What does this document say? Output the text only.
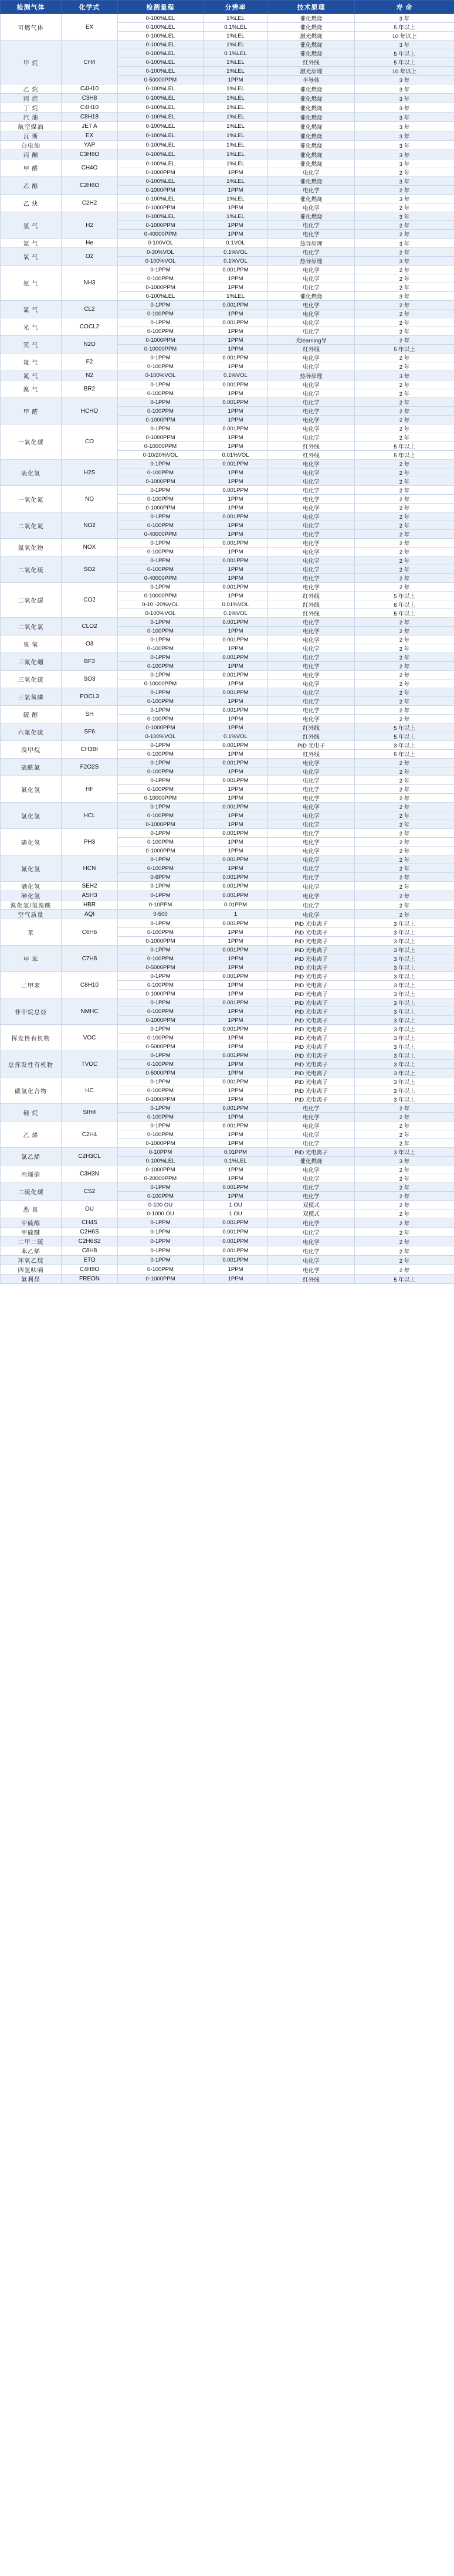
检测气体	化学式	检测量程	分辨率	技术原理	寿 命
可燃气体	EX	0-100%LEL	1%LEL	催化燃烧	3 年
		0-100%LEL	0.1%LEL	催化燃烧	5 年以上
		0-100%LEL	1%LEL	激光燃烧	10 年以上
甲 烷	CH4	0-100%LEL	1%LEL	催化燃烧	3 年
		0-100%LEL	0.1%LEL	催化燃烧	5 年以上
		0-100%LEL	1%LEL	红外线	5 年以上
		0-100%LEL	1%LEL	激光原理	10 年以上
		0-50000PPM	1PPM	半导体	3 年
乙 烷	C4H10	0-100%LEL	1%LEL	催化燃烧	3 年
丙 烷	C3H8	0-100%LEL	1%LEL	催化燃烧	3 年
丁 烷	C4H10	0-100%LEL	1%LEL	催化燃烧	3 年
汽 油	C8H18	0-100%LEL	1%LEL	催化燃烧	3 年
航空煤油	JET A	0-100%LEL	1%LEL	催化燃烧	3 年
瓦 斯	EX	0-100%LEL	1%LEL	催化燃烧	3 年
白电油	YAP	0-100%LEL	1%LEL	催化燃烧	3 年
丙 酮	C3H6O	0-100%LEL	1%LEL	催化燃烧	3 年
甲 醛	CH4O	0-100%LEL	1%LEL	催化燃烧	3 年
		0-1000PPM	1PPM	电化学	2 年
乙 醇	C2H6O	0-100%LEL	1%LEL	催化燃烧	3 年
		0-1000PPM	1PPM	电化学	2 年
乙 炔	C2H2	0-100%LEL	1%LEL	催化燃烧	3 年
		0-1000PPM	1PPM	电化学	2 年
氢 气	H2	0-100%LEL	1%LEL	催化燃烧	3 年
		0-1000PPM	1PPM	电化学	2 年
		0-40000PPM	1PPM	电化学	2 年
氦 气	He	0-100VOL	0.1VOL	热导原理	3 年
氧 气	O2	0-30%VOL	0.1%VOL	电化学	2 年
		0-100%VOL	0.1%VOL	热导原理	3 年
氨 气	NH3	0-1PPM	0.001PPM	电化学	2 年
		0-100PPM	1PPM	电化学	2 年
		0-1000PPM	1PPM	电化学	2 年
		0-100%LEL	1%LEL	催化燃烧	3 年
氯 气	CL2	0-1PPM	0.001PPM	电化学	2 年
		0-100PPM	1PPM	电化学	2 年
光 气	COCL2	0-1PPM	0.001PPM	电化学	2 年
		0-100PPM	1PPM	电化学	2 年
笑 气	N2O	0-1000PPM	1PPM	光learning导	2 年
		0-10000PPM	1PPM	红外线	5 年以上
氟 气	F2	0-1PPM	0.001PPM	电化学	2 年
		0-100PPM	1PPM	电化学	2 年
氮 气	N2	0-100%VOL	0.1%VOL	热导原理	3 年
溴 气	BR2	0-1PPM	0.001PPM	电化学	2 年
		0-100PPM	1PPM	电化学	2 年
甲 醛	HCHO	0-1PPM	0.001PPM	电化学	2 年
		0-100PPM	1PPM	电化学	2 年
		0-1000PPM	1PPM	电化学	2 年
一氧化碳	CO	0-1PPM	0.001PPM	电化学	2 年
		0-1000PPM	1PPM	电化学	2 年
		0-10000PPM	1PPM	红外线	5 年以上
		0-10/20%VOL	0.01%VOL	红外线	5 年以上
硫化氢	H2S	0-1PPM	0.001PPM	电化学	2 年
		0-100PPM	1PPM	电化学	2 年
		0-1000PPM	1PPM	电化学	2 年
一氧化氮	NO	0-1PPM	0.001PPM	电化学	2 年
		0-100PPM	1PPM	电化学	2 年
		0-1000PPM	1PPM	电化学	2 年
二氧化氮	NO2	0-1PPM	0.001PPM	电化学	2 年
		0-100PPM	1PPM	电化学	2 年
		0-40000PPM	1PPM	电化学	2 年
氮氧化物	NOX	0-1PPM	0.001PPM	电化学	2 年
		0-100PPM	1PPM	电化学	2 年
二氧化硫	SO2	0-1PPM	0.001PPM	电化学	2 年
		0-100PPM	1PPM	电化学	2 年
		0-40000PPM	1PPM	电化学	2 年
二氧化碳	CO2	0-1PPM	0.001PPM	电化学	2 年
		0-10000PPM	1PPM	红外线	5 年以上
		0-10 -20%VOL	0.01%VOL	红外线	6 年以上
		0-100%VOL	0.1%VOL	红外线	5 年以上
二氧化氯	CLO2	0-1PPM	0.001PPM	电化学	2 年
		0-100PPM	1PPM	电化学	2 年
臭 氧	O3	0-1PPM	0.001PPM	电化学	2 年
		0-100PPM	1PPM	电化学	2 年
三氟化硼	BF3	0-1PPM	0.001PPM	电化学	2 年
		0-100PPM	1PPM	电化学	2 年
三氧化硫	SO3	0-1PPM	0.001PPM	电化学	2 年
		0-10000PPM	1PPM	电化学	2 年
三氯氧磷	POCL3	0-1PPM	0.001PPM	电化学	2 年
		0-100PPM	1PPM	电化学	2 年
硫 醇	SH	0-1PPM	0.001PPM	电化学	2 年
		0-100PPM	1PPM	电化学	2 年
六氟化硫	SF6	0-1000PPM	1PPM	红外线	5 年以上
		0-100%VOL	0.1%VOL	红外线	5 年以上
溴甲烷	CH3Br	0-1PPM	0.001PPM	PID 光电子	3 年以上
		0-100PPM	1PPM	红外线	5 年以上
硫酰氟	F2O2S	0-1PPM	0.001PPM	电化学	2 年
		0-100PPM	1PPM	电化学	2 年
氟化氢	HF	0-1PPM	0.001PPM	电化学	2 年
		0-100PPM	1PPM	电化学	2 年
		0-10000PPM	1PPM	电化学	2 年
氯化氢	HCL	0-1PPM	0.001PPM	电化学	2 年
		0-100PPM	1PPM	电化学	2 年
		0-1000PPM	1PPM	电化学	2 年
磷化氢	PH3	0-1PPM	0.001PPM	电化学	2 年
		0-100PPM	1PPM	电化学	2 年
		0-1000PPM	1PPM	电化学	2 年
氰化氢	HCN	0-1PPM	0.001PPM	电化学	2 年
		0-100PPM	1PPM	电化学	2 年
		0-6PPM	0.001PPM	电化学	2 年
硒化氢	SEH2	0-1PPM	0.001PPM	电化学	2 年
砷化氢	ASH3	0-1PPM	0.001PPM	电化学	2 年
溴化氢/氢溴酸	HBR	0-10PPM	0.01PPM	电化学	2 年
空气质量	AQI	0-500	1	电化学	2 年
苯	C6H6	0-1PPM	0.001PPM	PID 光电离子	3 年以上
		0-100PPM	1PPM	PID 光电离子	3 年以上
		0-1000PPM	1PPM	PID 光电离子	3 年以上
甲 苯	C7H8	0-1PPM	0.001PPM	PID 光电离子	3 年以上
		0-100PPM	1PPM	PID 光电离子	3 年以上
		0-5000PPM	1PPM	PID 光电离子	3 年以上
二甲苯	C8H10	0-1PPM	0.001PPM	PID 光电离子	3 年以上
		0-100PPM	1PPM	PID 光电离子	3 年以上
		0-1000PPM	1PPM	PID 光电离子	3 年以上
非甲烷总烃	NMHC	0-1PPM	0.001PPM	PID 光电离子	3 年以上
		0-100PPM	1PPM	PID 光电离子	3 年以上
		0-1000PPM	1PPM	PID 光电离子	3 年以上
挥发性有机物	VOC	0-1PPM	0.001PPM	PID 光电离子	3 年以上
		0-100PPM	1PPM	PID 光电离子	3 年以上
		0-5000PPM	1PPM	PID 光电离子	3 年以上
总挥发性有机物	TVOC	0-1PPM	0.001PPM	PID 光电离子	3 年以上
		0-100PPM	1PPM	PID 光电离子	3 年以上
		0-5000PPM	1PPM	PID 光电离子	3 年以上
碳氢化合物	HC	0-1PPM	0.001PPM	PID 光电离子	3 年以上
		0-100PPM	1PPM	PID 光电离子	3 年以上
		0-1000PPM	1PPM	PID 光电离子	3 年以上
硅 烷	SIH4	0-1PPM	0.001PPM	电化学	2 年
		0-100PPM	1PPM	电化学	2 年
乙 烯	C2H4	0-1PPM	0.001PPM	电化学	2 年
		0-100PPM	1PPM	电化学	2 年
		0-1000PPM	1PPM	电化学	2 年
氯乙烯	C2H3CL	0-10PPM	0.01PPM	PID 光电离子	3 年以上
		0-100%LEL	0.1%LEL	催化燃烧	3 年
丙烯腈	C3H3N	0-1000PPM	1PPM	电化学	2 年
		0-20000PPM	1PPM	电化学	2 年
二硫化碳	CS2	0-1PPM	0.001PPM	电化学	2 年
		0-100PPM	1PPM	电化学	2 年
恶 臭	OU	0-100 OU	1 OU	双模式	2 年
		0-1000 OU	1 OU	双模式	2 年
甲硫醇	CH4S	0-1PPM	0.001PPM	电化学	2 年
甲硫醚	C2H6S	0-1PPM	0.001PPM	电化学	2 年
二甲二硫	C2H6S2	0-1PPM	0.001PPM	电化学	2 年
苯乙烯	C8H8	0-1PPM	0.001PPM	电化学	2 年
环氧乙烷	ETO	0-1PPM	0.001PPM	电化学	2 年
四氢呋喃	C4H8O	0-100PPM	1PPM	电化学	2 年
氟利昂	FREON	0-1000PPM	1PPM	红外线	5 年以上
